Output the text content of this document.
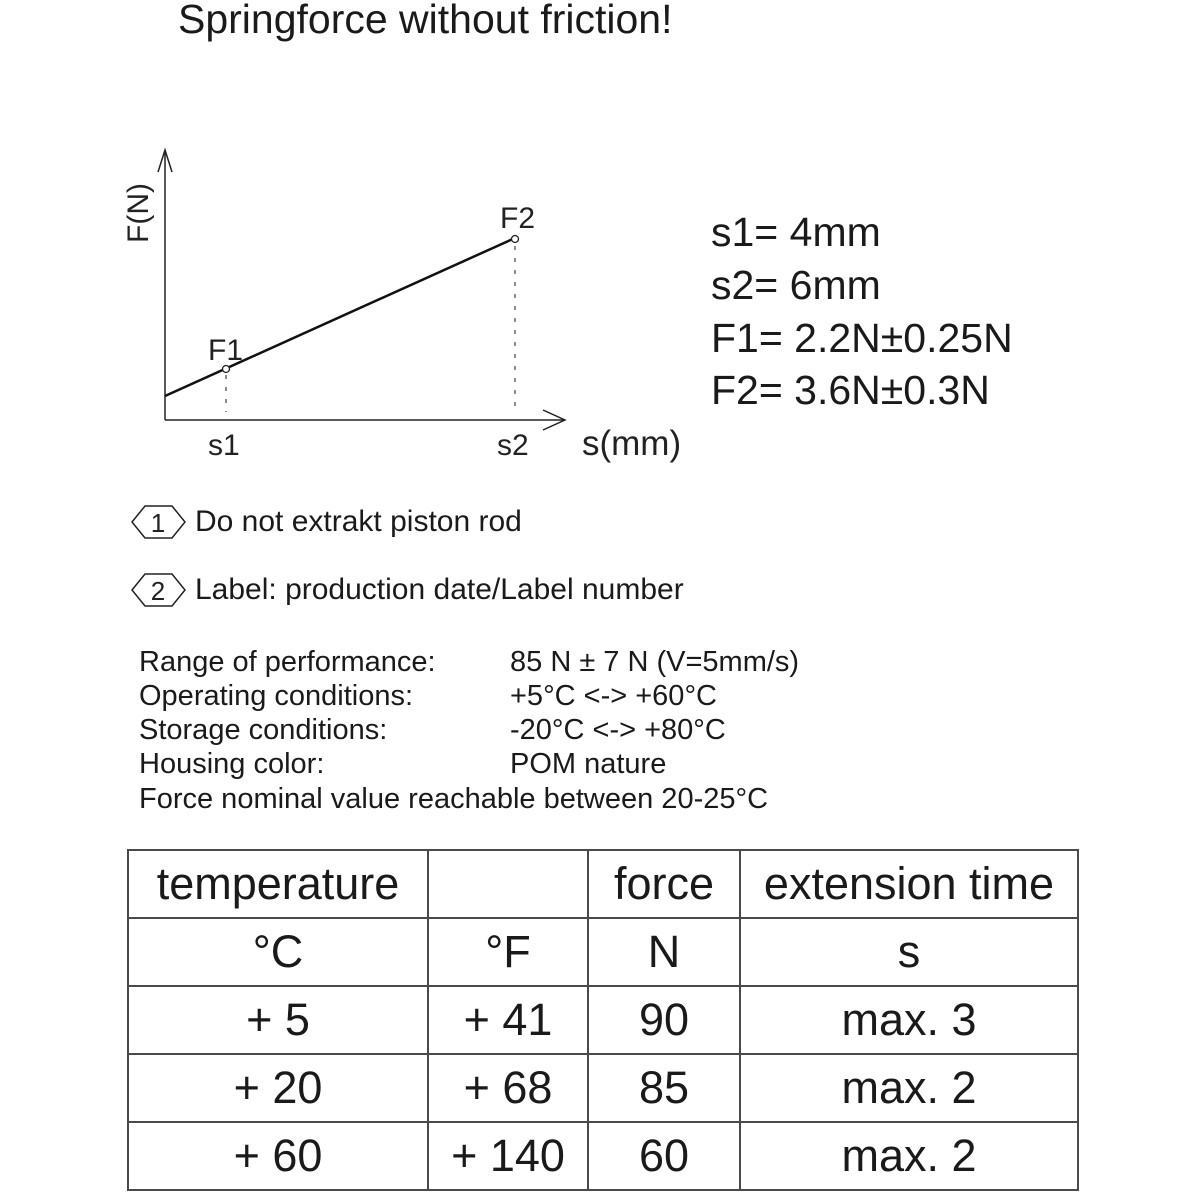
Springforce without friction!
F(N)
F1
F2
s1	s2 s(mm)
1
2
s1= 4mm
s2= 6mm
F1= 2.2N±0.25N
F2= 3.6N±0.3N
Do not extrakt piston rod
Label: production date/Label number
Range of performance:	85 N ± 7 N (V=5mm/s)
Operating conditions:	+5°C <-> +60°C
Storage conditions:	-20°C <-> +80°C
Housing color:	POM nature
Force nominal value reachable between 20-25°C
temperature		force	extension time
°C	°F	N	s
+ 5	+ 41	90	max. 3
+ 20	+ 68	85	max. 2
+ 60	+ 140	60	max. 2
